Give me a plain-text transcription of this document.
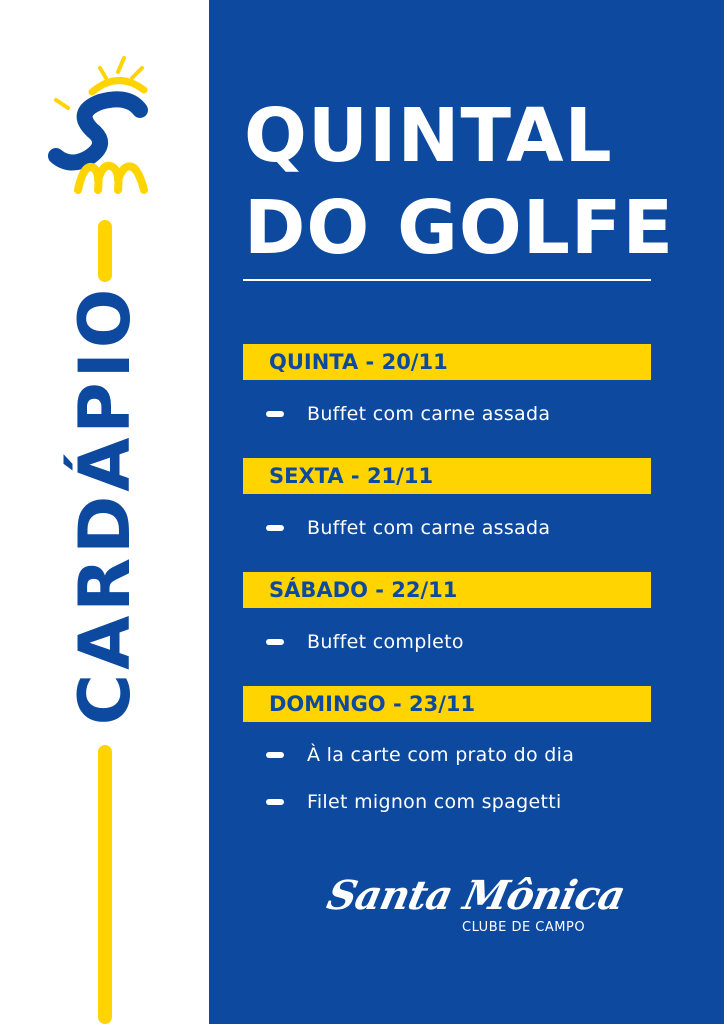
CARDÁPIO
QUINTAL
DO GOLFE
QUINTA - 20/11
Buffet com carne assada
SEXTA - 21/11
Buffet com carne assada
SÁBADO - 22/11
Buffet completo
DOMINGO - 23/11
À la carte com prato do dia
Filet mignon com spagetti
Santa Mônica
CLUBE DE CAMPO
